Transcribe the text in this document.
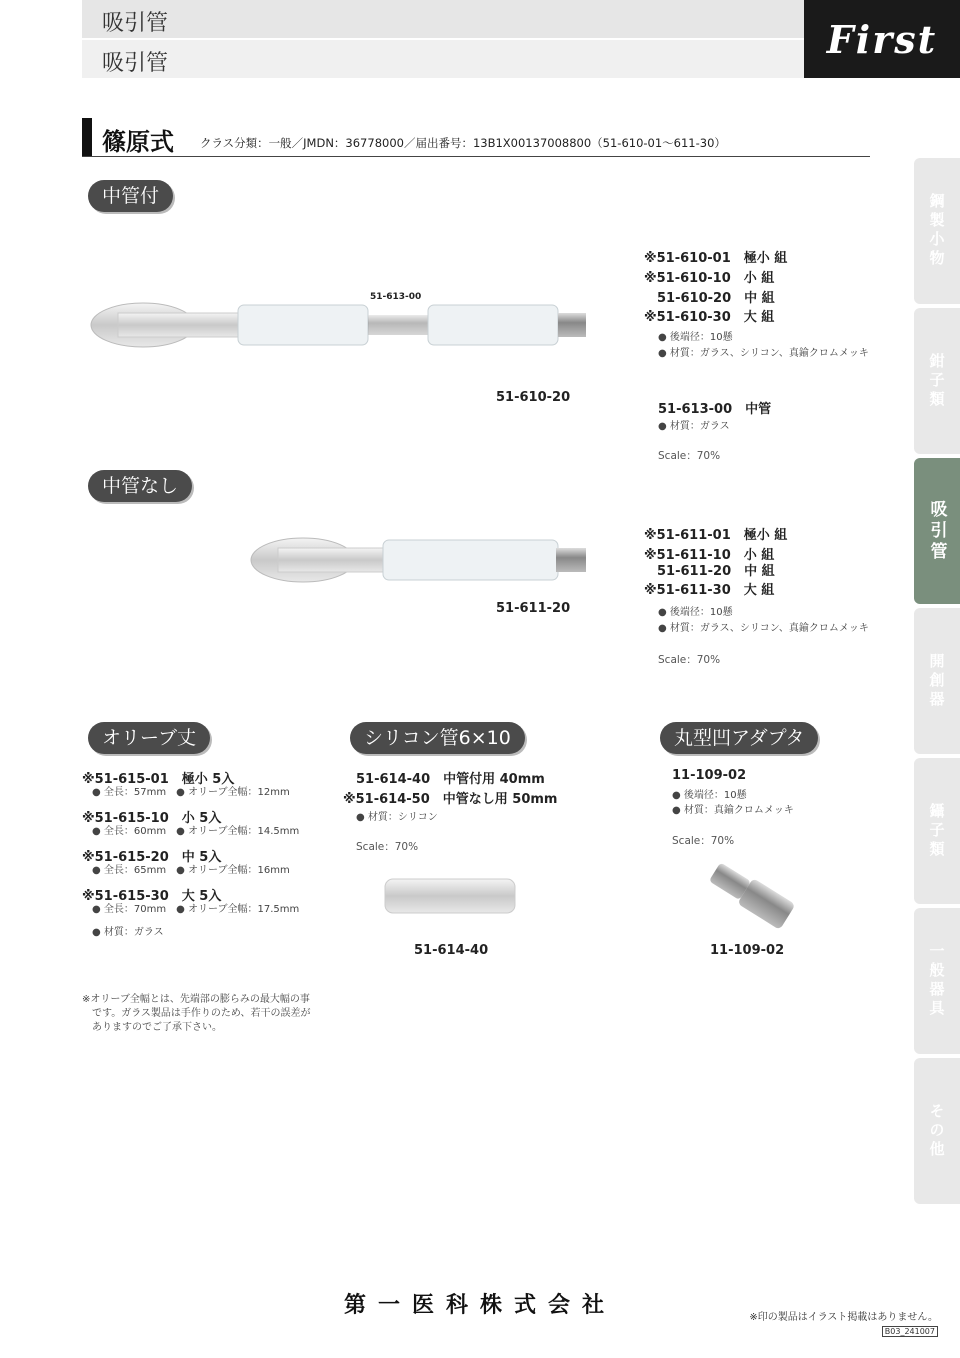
吸引管
吸引管
First
篠原式 クラス分類：一般／JMDN：36778000／届出番号：13B1X00137008800（51-610-01～611-30）
中管付
51-613-00
51-610-20
※51-610-01　極小 組
※51-610-10　小 組
　51-610-20　中 組
※51-610-30　大 組
● 後端径：10懸
● 材質：ガラス、シリコン、真鍮クロムメッキ
51-613-00　中管
● 材質：ガラス
Scale：70%
中管なし
51-611-20
※51-611-01　極小 組
※51-611-10　小 組
　51-611-20　中 組
※51-611-30　大 組
● 後端径：10懸
● 材質：ガラス、シリコン、真鍮クロムメッキ
Scale：70%
オリーブ丈
※51-615-01　極小 5入
● 全長：57mm　● オリーブ全幅：12mm
※51-615-10　小 5入
● 全長：60mm　● オリーブ全幅：14.5mm
※51-615-20　中 5入
● 全長：65mm　● オリーブ全幅：16mm
※51-615-30　大 5入
● 全長：70mm　● オリーブ全幅：17.5mm
● 材質：ガラス
※オリーブ全幅とは、先端部の膨らみの最大幅の事
　です。ガラス製品は手作りのため、若干の誤差が
　ありますのでご了承下さい。
シリコン管6×10
　51-614-40　中管付用 40mm
※51-614-50　中管なし用 50mm
● 材質：シリコン
Scale：70%
51-614-40
丸型凹アダプタ
11-109-02
● 後端径：10懸
● 材質：真鍮クロムメッキ
Scale：70%
11-109-02
鋼製小物
鉗子類
吸引管
開創器
鑷子類
一般器具
その他
第一医科株式会社	※印の製品はイラスト掲載はありません。
B03_241007
